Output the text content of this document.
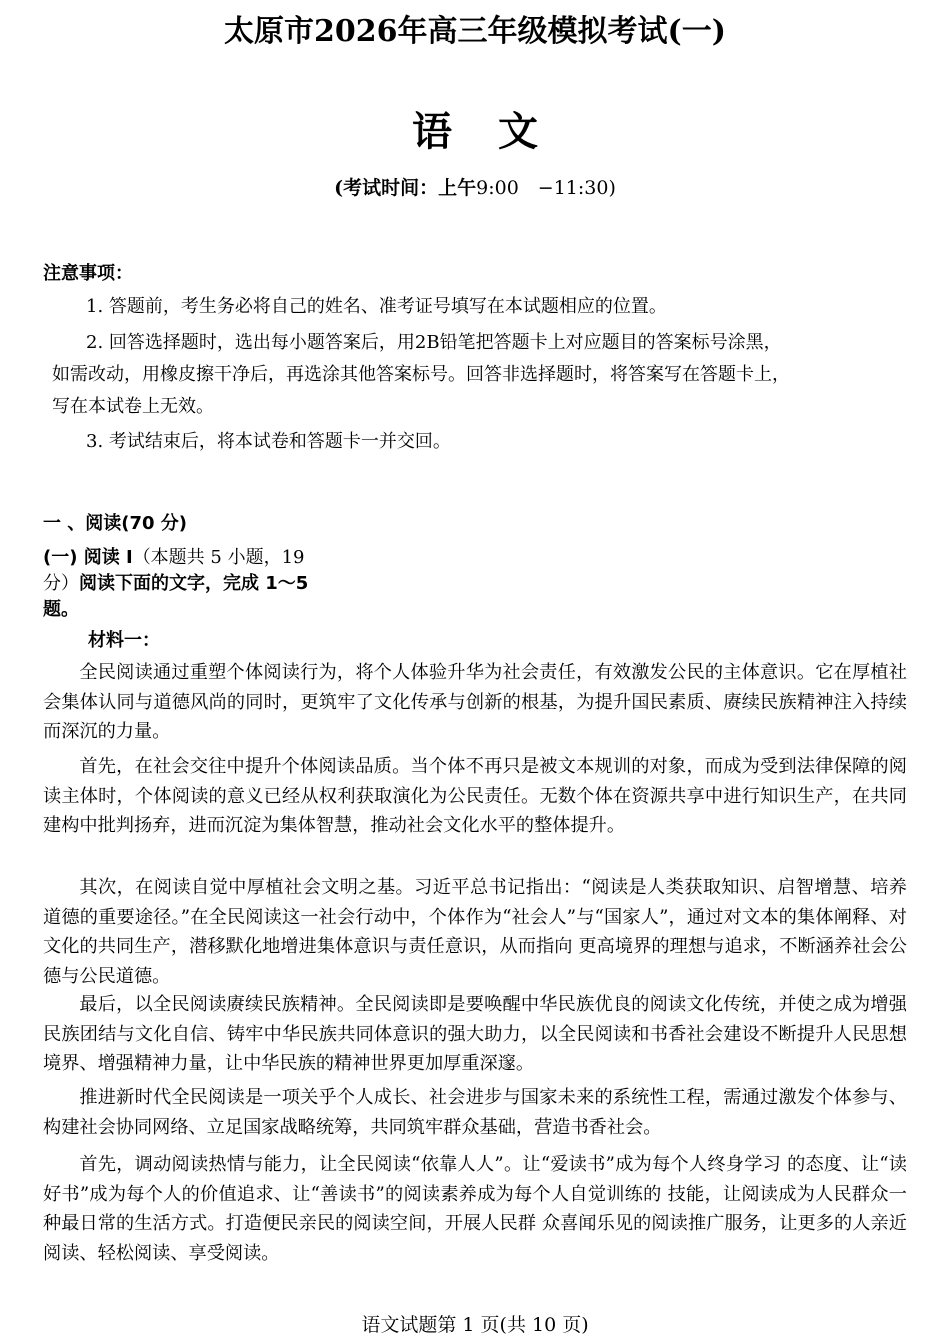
太原市2026年高三年级模拟考试(一)
语文
(考试时间：上午9:00　−11:30)
注意事项：
1. 答题前，考生务必将自己的姓名、准考证号填写在本试题相应的位置。
2. 回答选择题时，选出每小题答案后，用2B铅笔把答题卡上对应题目的答案标号涂黑，
如需改动，用橡皮擦干净后，再选涂其他答案标号。回答非选择题时，将答案写在答题卡上，
写在本试卷上无效。
3. 考试结束后，将本试卷和答题卡一并交回。
一 、阅读(70 分)
(一) 阅读 I（本题共 5 小题，19
分）阅读下面的文字，完成 1～5
题。
材料一：

全民阅读通过重塑个体阅读行为，将个人体验升华为社会责任，有效激发公民的主体意识。它在厚植社会集体认同与道德风尚的同时，更筑牢了文化传承与创新的根基，为提升国民素质、赓续民族精神注入持续而深沉的力量。

首先，在社会交往中提升个体阅读品质。当个体不再只是被文本规训的对象，而成为受到法律保障的阅读主体时，个体阅读的意义已经从权利获取演化为公民责任。无数个体在资源共享中进行知识生产，在共同建构中批判扬弃，进而沉淀为集体智慧，推动社会文化水平的整体提升。

其次，在阅读自觉中厚植社会文明之基。习近平总书记指出：“阅读是人类获取知识、启智增慧、培养道德的重要途径。”在全民阅读这一社会行动中，个体作为“社会人”与“国家人”，通过对文本的集体阐释、对文化的共同生产，潜移默化地增进集体意识与责任意识，从而指向 更高境界的理想与追求，不断涵养社会公德与公民道德。

最后，以全民阅读赓续民族精神。全民阅读即是要唤醒中华民族优良的阅读文化传统，并使之成为增强民族团结与文化自信、铸牢中华民族共同体意识的强大助力，以全民阅读和书香社会建设不断提升人民思想境界、增强精神力量，让中华民族的精神世界更加厚重深邃。

推进新时代全民阅读是一项关乎个人成长、社会进步与国家未来的系统性工程，需通过激发个体参与、构建社会协同网络、立足国家战略统筹，共同筑牢群众基础，营造书香社会。

首先，调动阅读热情与能力，让全民阅读“依靠人人”。让“爱读书”成为每个人终身学习 的态度、让“读好书”成为每个人的价值追求、让“善读书”的阅读素养成为每个人自觉训练的 技能，让阅读成为人民群众一种最日常的生活方式。打造便民亲民的阅读空间，开展人民群 众喜闻乐见的阅读推广服务，让更多的人亲近阅读、轻松阅读、享受阅读。

语文试题第 1 页(共 10 页)
